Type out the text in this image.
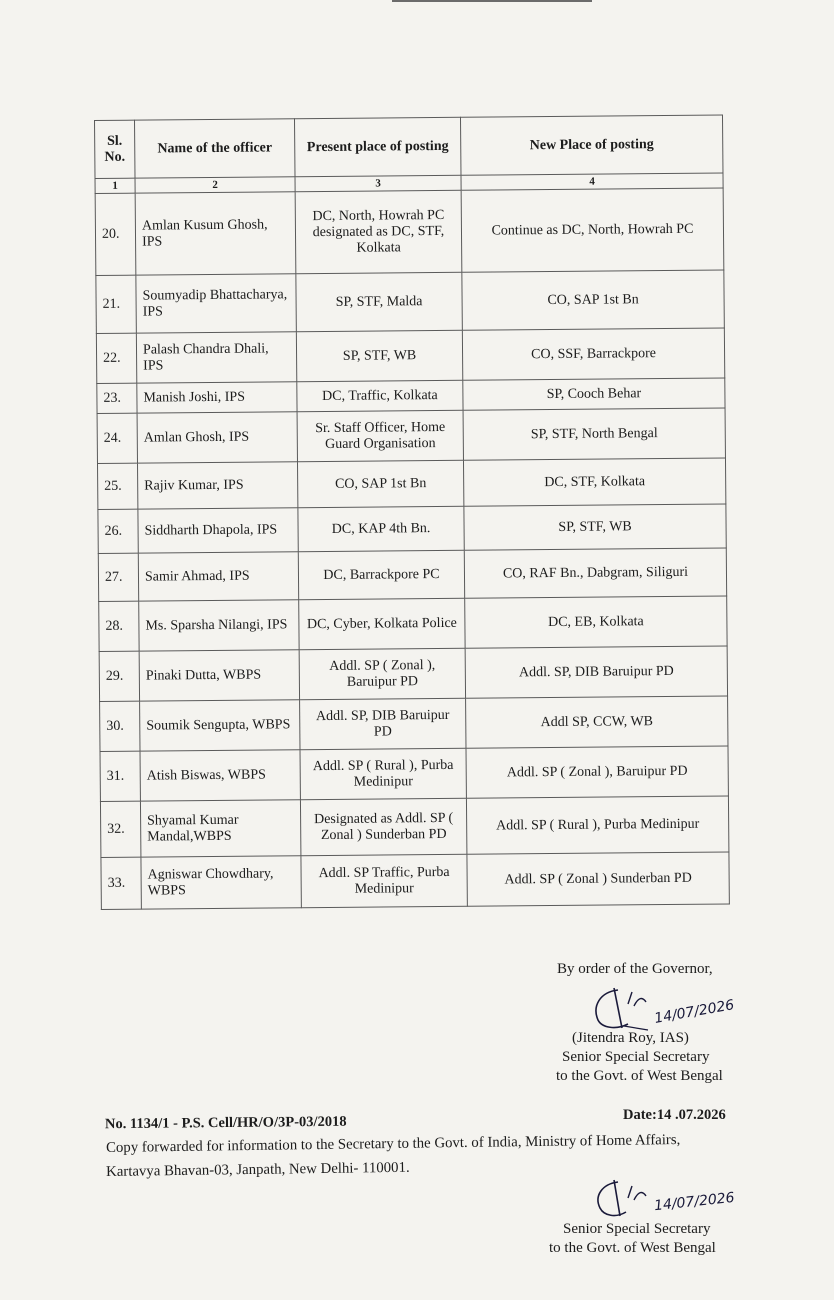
Sl. No.	Name of the officer	Present place of posting	New Place of posting
1	2	3	4
20.	Amlan Kusum Ghosh, IPS	DC, North, Howrah PC designated as DC, STF, Kolkata	Continue as DC, North, Howrah PC
21.	Soumyadip Bhattacharya, IPS	SP, STF, Malda	CO, SAP 1st Bn
22.	Palash Chandra Dhali, IPS	SP, STF, WB	CO, SSF, Barrackpore
23.	Manish Joshi, IPS	DC, Traffic, Kolkata	SP, Cooch Behar
24.	Amlan Ghosh, IPS	Sr. Staff Officer, Home Guard Organisation	SP, STF, North Bengal
25.	Rajiv Kumar, IPS	CO, SAP 1st Bn	DC, STF, Kolkata
26.	Siddharth Dhapola, IPS	DC, KAP 4th Bn.	SP, STF, WB
27.	Samir Ahmad, IPS	DC, Barrackpore PC	CO, RAF Bn., Dabgram, Siliguri
28.	Ms. Sparsha Nilangi, IPS	DC, Cyber, Kolkata Police	DC, EB, Kolkata
29.	Pinaki Dutta, WBPS	Addl. SP ( Zonal ), Baruipur PD	Addl. SP, DIB Baruipur PD
30.	Soumik Sengupta, WBPS	Addl. SP, DIB Baruipur PD	Addl SP, CCW, WB
31.	Atish Biswas, WBPS	Addl. SP ( Rural ), Purba Medinipur	Addl. SP ( Zonal ), Baruipur PD
32.	Shyamal Kumar Mandal,WBPS	Designated as Addl. SP ( Zonal ) Sunderban PD	Addl. SP ( Rural ), Purba Medinipur
33.	Agniswar Chowdhary, WBPS	Addl. SP Traffic, Purba Medinipur	Addl. SP ( Zonal ) Sunderban PD
By order of the Governor,
14/07/2026
(Jitendra Roy, IAS)
Senior Special Secretary
to the Govt. of West Bengal
No. 1134/1 - P.S. Cell/HR/O/3P-03/2018	Date:14 .07.2026
Copy forwarded for information to the Secretary to the Govt. of India, Ministry of Home Affairs,
Kartavya Bhavan-03, Janpath, New Delhi- 110001.
14/07/2026
Senior Special Secretary
to the Govt. of West Bengal
